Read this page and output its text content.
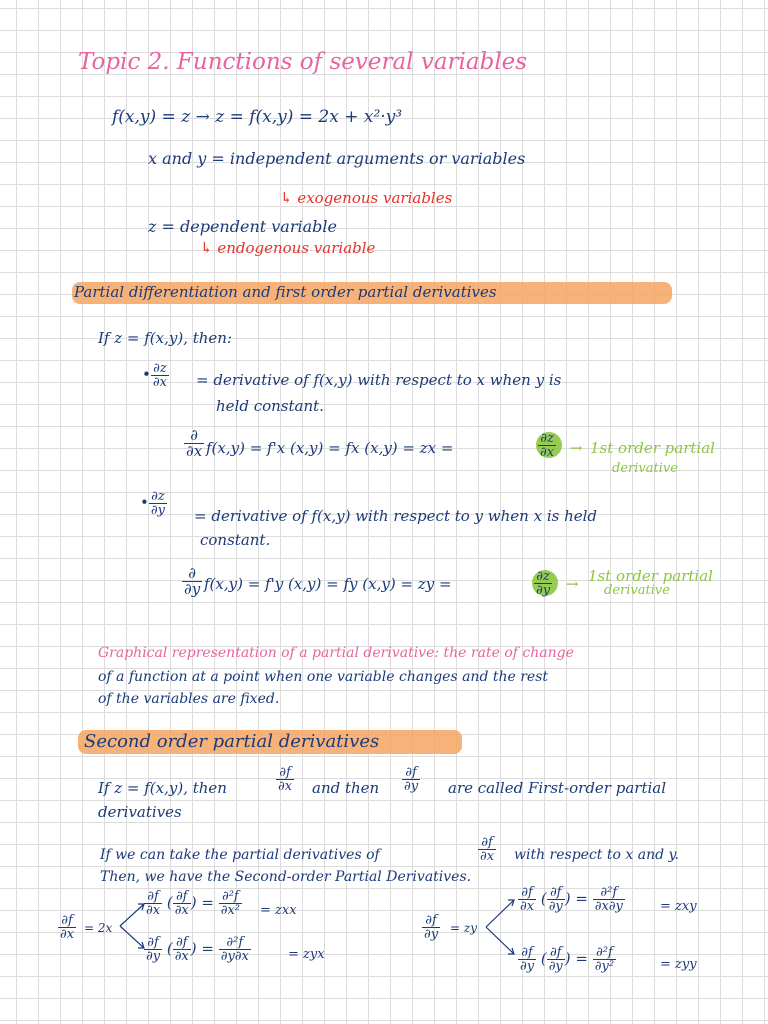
Topic 2. Functions of several variables
f(x,y) = z → z = f(x,y) = 2x + x²·y³
x and y = independent arguments or variables
↳ exogenous variables
z = dependent variable
↳ endogenous variable
Partial differentiation and first order partial derivatives
If z = f(x,y), then:
• $\frac{\partial z}{\partial x}$ = derivative of f(x,y) with respect to x when y is
held constant.
$\frac{\partial}{\partial x} f(x,y) = f'x$ (x,y) = fx (x,y) = zx =	$\frac{\partial z}{\partial x} \to 1st$ order partial
derivative
• $\frac{\partial z}{\partial y}$ = derivative of f(x,y) with respect to y when x is held
constant.
$\frac{\partial}{\partial y} f(x,y) = f'y$ (x,y) = fy (x,y) = zy =	$\frac{\partial z}{\partial y} \to 1st$ order partial
derivative
Graphical representation of a partial derivative: the rate of change
of a function at a point when one variable changes and the rest
of the variables are fixed.
Second order partial derivatives
If z = f(x,y), then	$\frac{\partial f}{\partial x}$ and then $\frac{\partial f}{\partial y}$ are called First-order partial
derivatives
If we can take the partial derivatives of	$\frac{\partial f}{\partial x}$ with respect to x and y.
Then, we have the Second-order Partial Derivatives.
$\frac{\partial f}{\partial x} = 2x$
$\frac{\partial f}{\partial x}$ ( $\frac{\partial f}{\partial x}$ ) = $\frac{\text{∂²f}}{\text{∂x²}}$ = zxx
$\frac{\partial f}{\partial y}$ ( $\frac{\partial f}{\partial x}$ ) = $\frac{\text{∂²f}}{\partial y\partial x}$	= zyx
$\frac{\partial f}{\partial y}$ = zy
$\frac{\partial f}{\partial x}$ ( $\frac{\partial f}{\partial y}$ ) = $\frac{\text{∂²f}}{\partial x\partial y}$	= zxy
$\frac{\partial f}{\partial y}$ ( $\frac{\partial f}{\partial y}$ ) = $\frac{\text{∂²f}}{\text{∂y²}}$	= zyy
